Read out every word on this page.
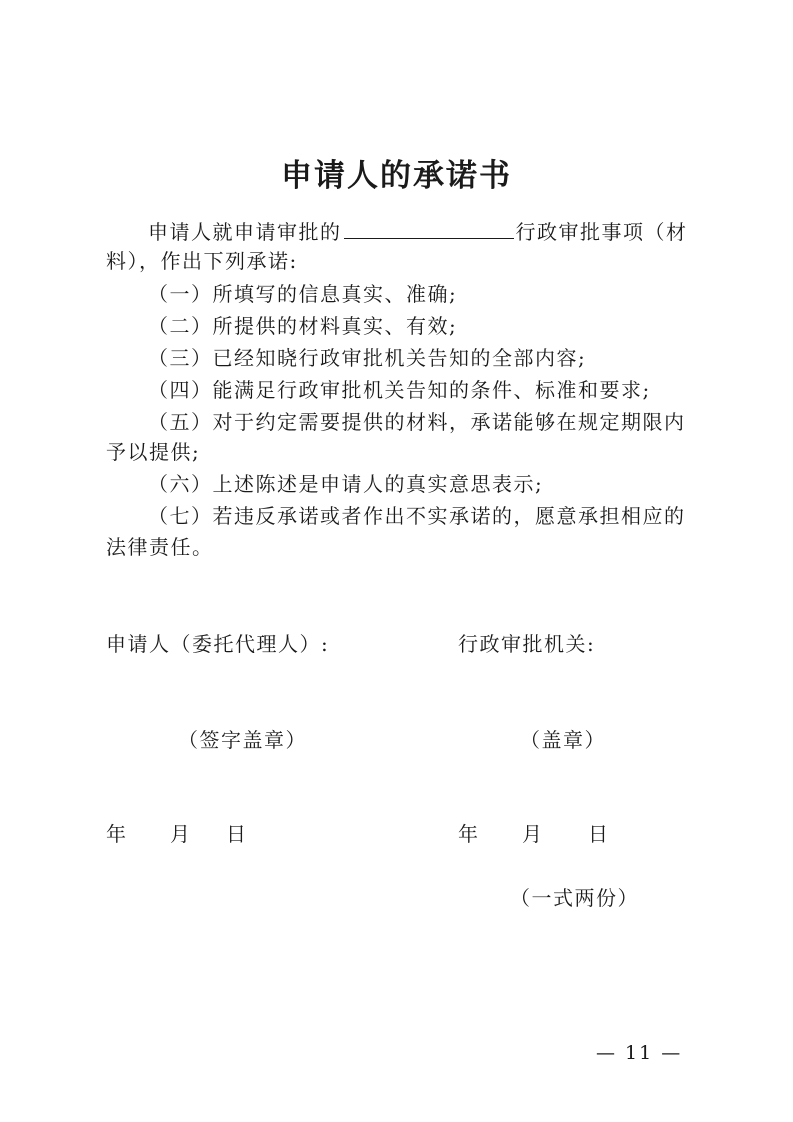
申请人的承诺书
申请人就申请审批的	行政审批事项（材
料），作出下列承诺:
（一）所填写的信息真实、准确;
（二）所提供的材料真实、有效;
（三）已经知晓行政审批机关告知的全部内容;
（四）能满足行政审批机关告知的条件、标准和要求;
（五）对于约定需要提供的材料，承诺能够在规定期限内
予以提供;
（六）上述陈述是申请人的真实意思表示;
（七）若违反承诺或者作出不实承诺的，愿意承担相应的
法律责任。
申请人（委托代理人）:	行政审批机关:
（签字盖章）	（盖章）
年 月 日	年 月 日
（一式两份）
— 11 —
